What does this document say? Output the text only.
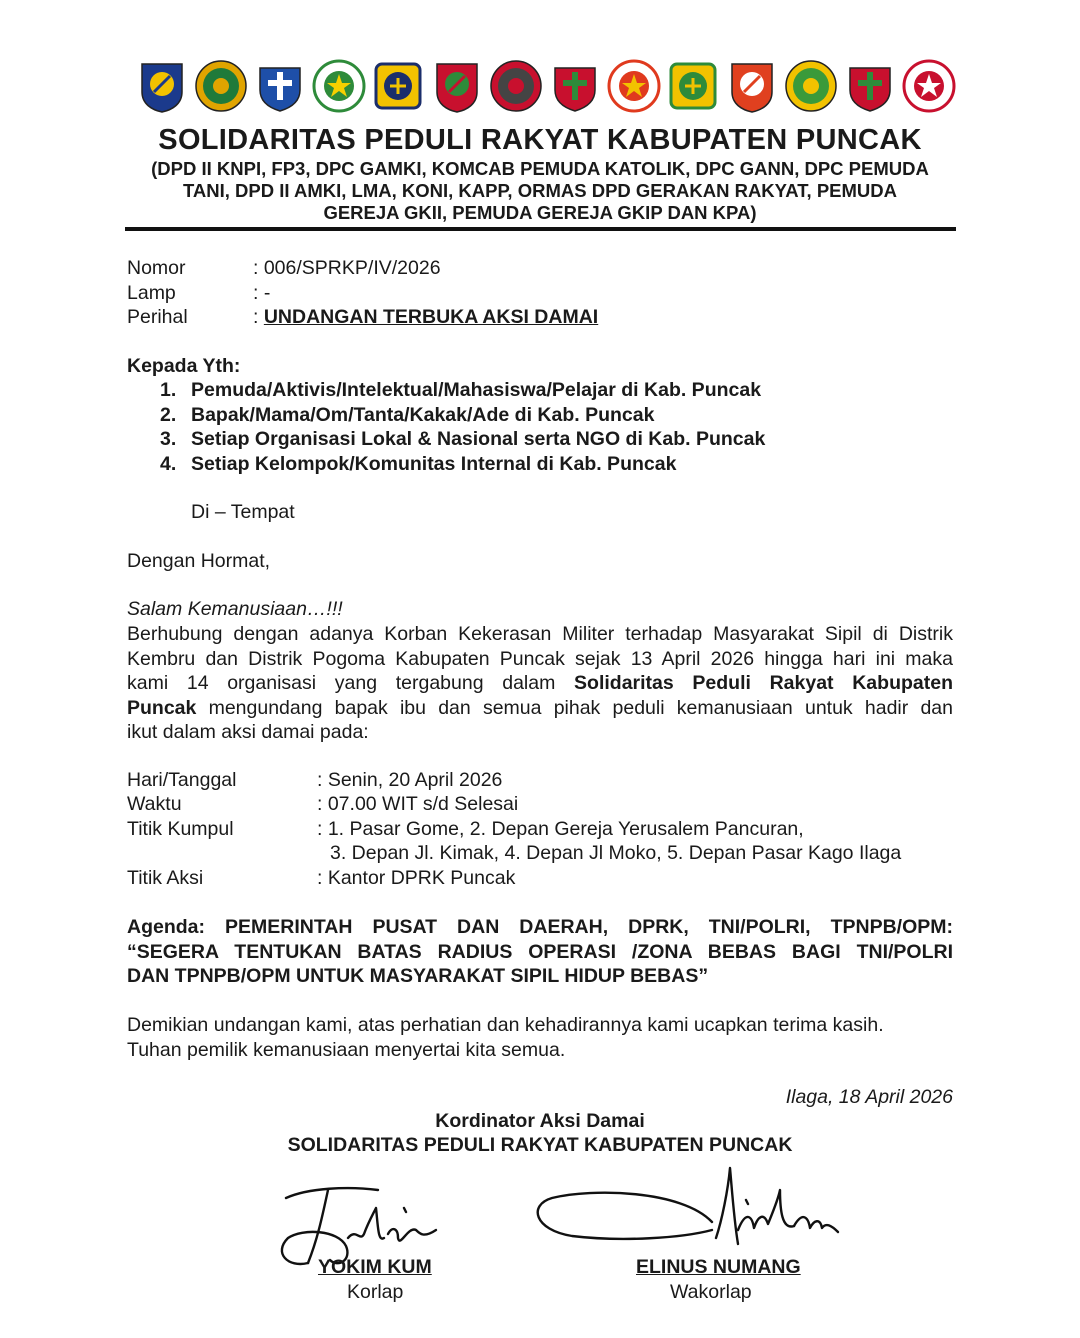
SOLIDARITAS PEDULI RAKYAT KABUPATEN PUNCAK
(DPD II KNPI, FP3, DPC GAMKI, KOMCAB PEMUDA KATOLIK, DPC GANN, DPC PEMUDA
TANI, DPD II AMKI, LMA, KONI, KAPP, ORMAS DPD GERAKAN RAKYAT, PEMUDA
GEREJA GKII, PEMUDA GEREJA GKIP DAN KPA)
Nomor	: 006/SPRKP/IV/2026
Lamp	: -
Perihal	: UNDANGAN TERBUKA AKSI DAMAI
Kepada Yth:
1. Pemuda/Aktivis/Intelektual/Mahasiswa/Pelajar di Kab. Puncak
2. Bapak/Mama/Om/Tanta/Kakak/Ade di Kab. Puncak
3. Setiap Organisasi Lokal & Nasional serta NGO di Kab. Puncak
4. Setiap Kelompok/Komunitas Internal di Kab. Puncak
Di – Tempat
Dengan Hormat,
Salam Kemanusiaan…!!!
Berhubung dengan adanya Korban Kekerasan Militer terhadap Masyarakat Sipil di Distrik
Kembru dan Distrik Pogoma Kabupaten Puncak sejak 13 April 2026 hingga hari ini maka
kami 14 organisasi yang tergabung dalam Solidaritas Peduli Rakyat Kabupaten
Puncak mengundang bapak ibu dan semua pihak peduli kemanusiaan untuk hadir dan
ikut dalam aksi damai pada:
Hari/Tanggal	: Senin, 20 April 2026
Waktu	: 07.00 WIT s/d Selesai
Titik Kumpul	: 1. Pasar Gome, 2. Depan Gereja Yerusalem Pancuran,
3. Depan Jl. Kimak, 4. Depan Jl Moko, 5. Depan Pasar Kago Ilaga
Titik Aksi	: Kantor DPRK Puncak
Agenda: PEMERINTAH PUSAT DAN DAERAH, DPRK, TNI/POLRI, TPNPB/OPM:
“SEGERA TENTUKAN BATAS RADIUS OPERASI /ZONA BEBAS BAGI TNI/POLRI
DAN TPNPB/OPM UNTUK MASYARAKAT SIPIL HIDUP BEBAS”
Demikian undangan kami, atas perhatian dan kehadirannya kami ucapkan terima kasih.
Tuhan pemilik kemanusiaan menyertai kita semua.
Ilaga, 18 April 2026
Kordinator Aksi Damai
SOLIDARITAS PEDULI RAKYAT KABUPATEN PUNCAK
YOKIM KUM
Korlap
ELINUS NUMANG
Wakorlap
